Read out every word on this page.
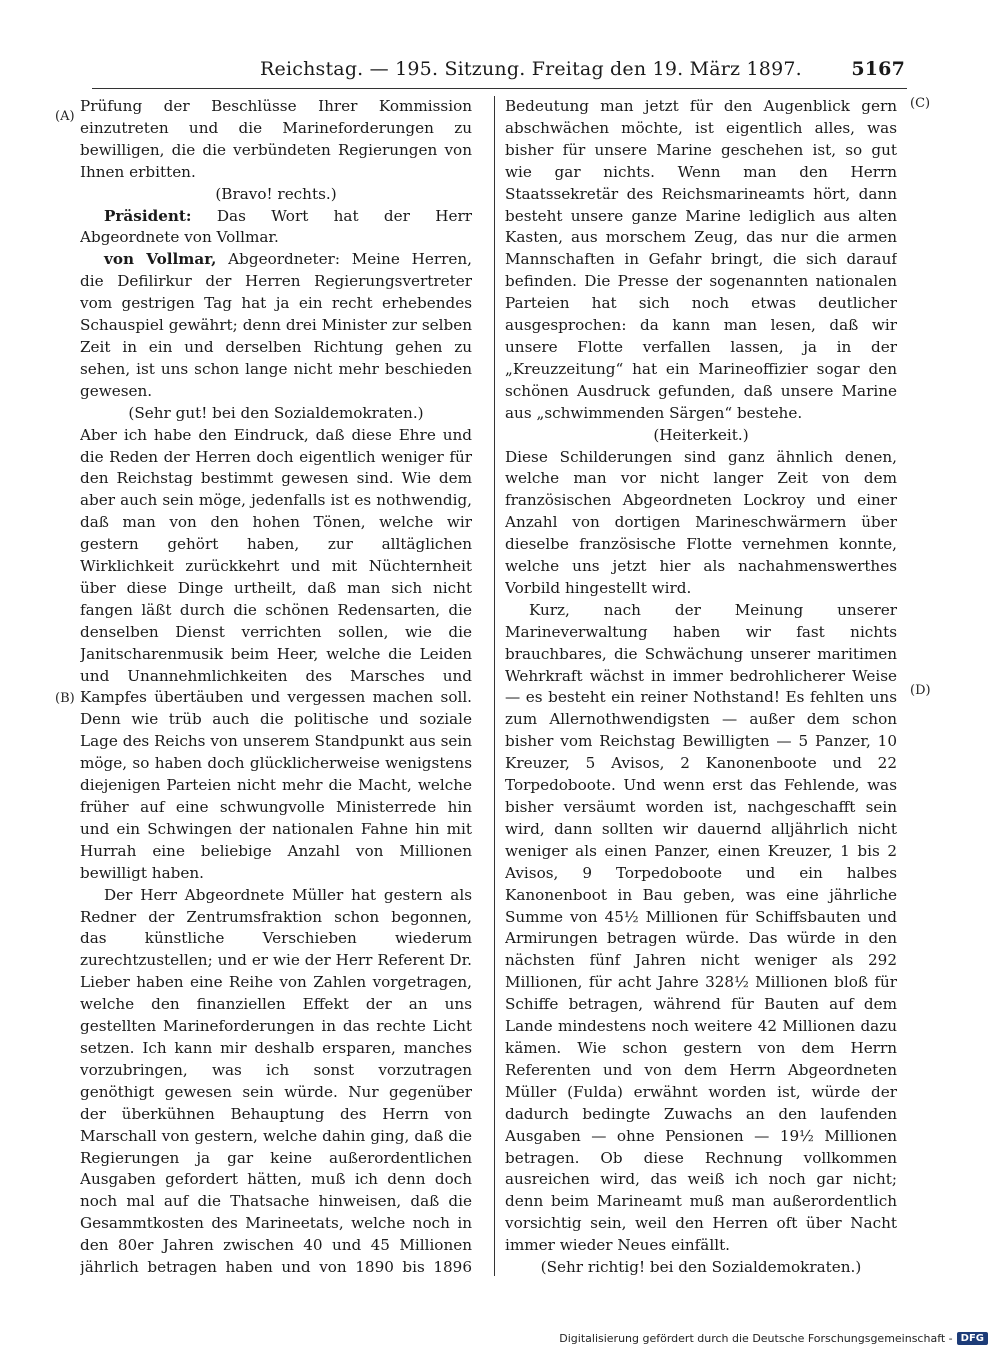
Reichstag. — 195. Sitzung. Freitag den 19. März 1897.	5167
(A)
(B)
(C)
(D)

Prüfung der Beschlüsse Ihrer Kommission einzutreten und die Marineforderungen zu bewilligen, die die verbündeten Regierungen von Ihnen erbitten.

(Bravo! rechts.)

Präsident: Das Wort hat der Herr Abgeordnete von Vollmar.

von Vollmar, Abgeordneter: Meine Herren, die Defilirkur der Herren Regierungsvertreter vom gestrigen Tag hat ja ein recht erhebendes Schauspiel gewährt; denn drei Minister zur selben Zeit in ein und derselben Richtung gehen zu sehen, ist uns schon lange nicht mehr beschieden gewesen.

(Sehr gut! bei den Sozialdemokraten.)

Aber ich habe den Eindruck, daß diese Ehre und die Reden der Herren doch eigentlich weniger für den Reichstag bestimmt gewesen sind. Wie dem aber auch sein möge, jedenfalls ist es nothwendig, daß man von den hohen Tönen, welche wir gestern gehört haben, zur alltäglichen Wirklichkeit zurückkehrt und mit Nüchternheit über diese Dinge urtheilt, daß man sich nicht fangen läßt durch die schönen Redensarten, die denselben Dienst verrichten sollen, wie die Janitscharenmusik beim Heer, welche die Leiden und Unannehmlichkeiten des Marsches und Kampfes übertäuben und vergessen machen soll. Denn wie trüb auch die politische und soziale Lage des Reichs von unserem Standpunkt aus sein möge, so haben doch glücklicherweise wenigstens diejenigen Parteien nicht mehr die Macht, welche früher auf eine schwungvolle Ministerrede hin und ein Schwingen der nationalen Fahne hin mit Hurrah eine beliebige Anzahl von Millionen bewilligt haben.

Der Herr Abgeordnete Müller hat gestern als Redner der Zentrumsfraktion schon begonnen, das künstliche Verschieben wiederum zurechtzustellen; und er wie der Herr Referent Dr. Lieber haben eine Reihe von Zahlen vorgetragen, welche den finanziellen Effekt der an uns gestellten Marineforderungen in das rechte Licht setzen. Ich kann mir deshalb ersparen, manches vorzubringen, was ich sonst vorzutragen genöthigt gewesen sein würde. Nur gegenüber der überkühnen Behauptung des Herrn von Marschall von gestern, welche dahin ging, daß die Regierungen ja gar keine außerordentlichen Ausgaben gefordert hätten, muß ich denn doch noch mal auf die Thatsache hinweisen, daß die Gesammtkosten des Marineetats, welche noch in den 80er Jahren zwischen 40 und 45 Millionen jährlich betragen haben und von 1890 bis 1896

Bedeutung man jetzt für den Augenblick gern abschwächen möchte, ist eigentlich alles, was bisher für unsere Marine geschehen ist, so gut wie gar nichts. Wenn man den Herrn Staatssekretär des Reichsmarineamts hört, dann besteht unsere ganze Marine lediglich aus alten Kasten, aus morschem Zeug, das nur die armen Mannschaften in Gefahr bringt, die sich darauf befinden. Die Presse der sogenannten nationalen Parteien hat sich noch etwas deutlicher ausgesprochen: da kann man lesen, daß wir unsere Flotte verfallen lassen, ja in der „Kreuzzeitung“ hat ein Marineoffizier sogar den schönen Ausdruck gefunden, daß unsere Marine aus „schwimmenden Särgen“ bestehe.

(Heiterkeit.)

Diese Schilderungen sind ganz ähnlich denen, welche man vor nicht langer Zeit von dem französischen Abgeordneten Lockroy und einer Anzahl von dortigen Marineschwärmern über dieselbe französische Flotte vernehmen konnte, welche uns jetzt hier als nachahmenswerthes Vorbild hingestellt wird.

Kurz, nach der Meinung unserer Marineverwaltung haben wir fast nichts brauchbares, die Schwächung unserer maritimen Wehrkraft wächst in immer bedrohlicherer Weise — es besteht ein reiner Nothstand! Es fehlten uns zum Allernothwendigsten — außer dem schon bisher vom Reichstag Bewilligten — 5 Panzer, 10 Kreuzer, 5 Avisos, 2 Kanonenboote und 22 Torpedoboote. Und wenn erst das Fehlende, was bisher versäumt worden ist, nachgeschafft sein wird, dann sollten wir dauernd alljährlich nicht weniger als einen Panzer, einen Kreuzer, 1 bis 2 Avisos, 9 Torpedoboote und ein halbes Kanonenboot in Bau geben, was eine jährliche Summe von 45½ Millionen für Schiffsbauten und Armirungen betragen würde. Das würde in den nächsten fünf Jahren nicht weniger als 292 Millionen, für acht Jahre 328½ Millionen bloß für Schiffe betragen, während für Bauten auf dem Lande mindestens noch weitere 42 Millionen dazu kämen. Wie schon gestern von dem Herrn Referenten und von dem Herrn Abgeordneten Müller (Fulda) erwähnt worden ist, würde der dadurch bedingte Zuwachs an den laufenden Ausgaben — ohne Pensionen — 19½ Millionen betragen. Ob diese Rechnung vollkommen ausreichen wird, das weiß ich noch gar nicht; denn beim Marineamt muß man außerordentlich vorsichtig sein, weil den Herren oft über Nacht immer wieder Neues einfällt.

(Sehr richtig! bei den Sozialdemokraten.)

Digitalisierung gefördert durch die Deutsche Forschungsgemeinschaft - DFG
